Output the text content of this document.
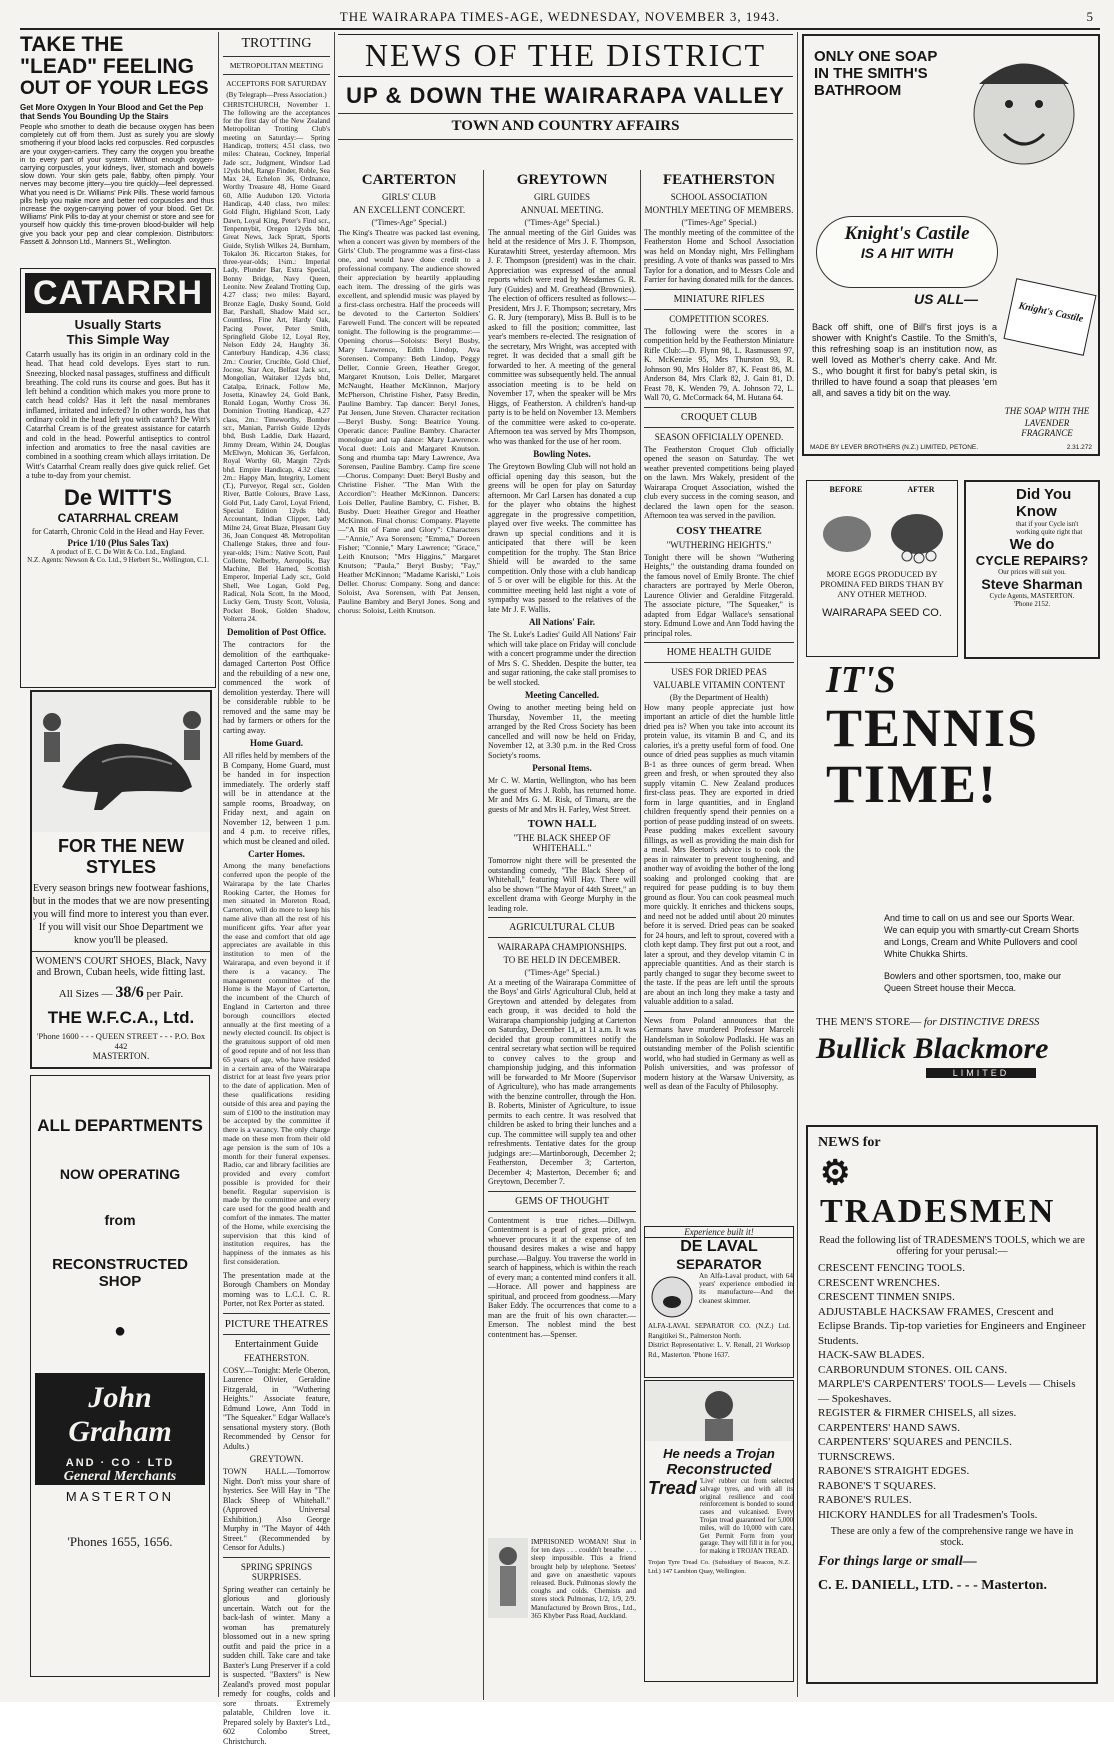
THE WAIRARAPA TIMES-AGE, WEDNESDAY, NOVEMBER 3, 1943.	5
TAKE THE
"LEAD" FEELING
OUT OF YOUR LEGS
Get More Oxygen In Your Blood and Get the Pep that Sends You Bounding Up the Stairs
People who smother to death die because oxygen has been completely cut off from them. Just as surely you are slowly smothering if your blood lacks red corpuscles. Red corpuscles are your oxygen-carriers. They carry the oxygen you breathe in to every part of your system. Without enough oxygen-carrying corpuscles, your kidneys, liver, stomach and bowels slow down. Your skin gets pale, flabby, often pimply. Your nerves may become jittery—you tire quickly—feel depressed. What you need is Dr. Williams' Pink Pills. These world famous pills help you make more and better red corpuscles and thus increase the oxygen-carrying power of your blood. Get Dr. Williams' Pink Pills to-day at your chemist or store and see for yourself how quickly this time-proven blood-builder will help give you back your pep and clear complexion. Distributors: Fassett & Johnson Ltd., Manners St., Wellington.
CATARRH
Usually Starts
This Simple Way
Catarrh usually has its origin in an ordinary cold in the head. That head cold develops. Eyes start to run. Sneezing, blocked nasal passages, stuffiness and difficult breathing. The cold runs its course and goes. But has it left behind a condition which makes you more prone to catch head colds? Has it left the nasal membranes inflamed, irritated and infected? In other words, has that ordinary cold in the head left you with catarrh? De Witt's Catarrhal Cream is of the greatest assistance for catarrh and cold in the head. Powerful antiseptics to control infection and aromatics to free the nasal cavities are combined in a soothing cream which allays irritation. De Witt's Catarrhal Cream really does give quick relief. Get a tube to-day from your chemist.
De WITT'S
CATARRHAL CREAM
for Catarrh, Chronic Cold in the Head and Hay Fever.
Price 1/10 (Plus Sales Tax)
A product of E. C. De Witt & Co. Ltd., England.
N.Z. Agents: Newson & Co. Ltd., 9 Herbert St., Wellington, C.1.
FOR THE NEW STYLES
Every season brings new footwear fashions,
but in the modes that we are now presenting
you will find more to interest you than ever.
If you will visit our Shoe Department we
know you'll be pleased.
WOMEN'S COURT SHOES, Black, Navy
and Brown, Cuban heels, wide fitting last.
All Sizes — 38/6 per Pair.
THE W.F.C.A., Ltd.
'Phone 1600 - - - QUEEN STREET - - - P.O. Box 442
MASTERTON.
ALL DEPARTMENTS
NOW OPERATING
from
RECONSTRUCTED SHOP
●
John Graham
AND · CO · LTD
General Merchants
MASTERTON
'Phones 1655, 1656.
TROTTING
METROPOLITAN MEETING
ACCEPTORS FOR SATURDAY
(By Telegraph—Press Association.)
CHRISTCHURCH, November 1. The following are the acceptances for the first day of the New Zealand Metropolitan Trotting Club's meeting on Saturday:— Spring Handicap, trotters; 4.51 class, two miles: Chateau, Cockney, Imperial Jade scr., Judgment, Windsor Lad 12yds bhd, Range Finder, Roble, Sea Max 24, Echelon 36, Ordnance, Worthy Treasure 48, Home Guard 60, Allie Audubon 120. Victoria Handicap, 4.40 class, two miles: Gold Flight, Highland Scott, Lady Dawn, Loyal King, Peter's Find scr., Tenpennybit, Oregon 12yds bhd, Great News, Jack Spratt, Sports Guide, Stylish Wilkes 24, Burnham, Tokalon 36. Riccarton Stakes, for three-year-olds; 1¼m.: Imperial Lady, Plunder Bar, Extra Special, Bonny Bridge, Navy Queen, Leonite. New Zealand Trotting Cup, 4.27 class; two miles: Bayard, Bronze Eagle, Dusky Sound, Gold Bar, Parshall, Shadow Maid scr., Countless, Fine Art, Hardy Oak, Pacing Power, Peter Smith, Springfield Globe 12, Loyal Rey, Nelson Eddy 24, Haughty 36. Canterbury Handicap, 4.36 class; 2m.: Courier, Crucible, Gold Chief, Jocose, Star Ace, Belfast Jack scr., Mongolian, Waitaker 12yds bhd, Catalpa, Erinack, Follow Me, Josetta, Kinawley 24, Gold Bank, Ronald Logan, Worthy Cross 36. Dominion Trotting Handicap, 4.27 class, 2m.: Timeworthy, Bomber scr., Manian, Parrish Guide 12yds bhd, Bush Laddie, Dark Hazard, Jimmy Dream, Within 24, Douglas McElwyn, Mohican 36, Gerfalcon, Royal Worthy 60, Margin 72yds bhd. Empire Handicap, 4.32 class; 2m.: Happy Man, Integrity, Loment (T.), Purveyor, Regal scr., Golden River, Battle Colours, Brave Lass, Gold Put, Lady Carol, Loyal Friend, Special Edition 12yds bhd, Accountant, Indian Clipper, Lady Milne 24, Great Blaze, Pleasant Guy 36, Joan Conquest 48. Metropolitan Challenge Stakes, three and four-year-olds; 1¼m.: Native Scott, Paul Collette, Nelberby, Aeropolis, Bay Machine, Bel Harned, Scottish Emperor, Imperial Lady scr., Gold Shell, Wee Logan, Gold Peg, Radical, Nola Scott, In the Mood, Lucky Gem, Trusty Scott, Volusia, Pocket Book, Golden Shadow, Volterra 24.
Demolition of Post Office.
The contractors for the demolition of the earthquake-damaged Carterton Post Office and the rebuilding of a new one, commenced the work of demolition yesterday. There will be considerable rubble to be removed and the same may be had by farmers or others for the carting away.
Home Guard.
All rifles held by members of the B Company, Home Guard, must be handed in for inspection immediately. The orderly staff will be in attendance at the sample rooms, Broadway, on Friday next, and again on November 12, between 1 p.m. and 4 p.m. to receive rifles, which must be cleaned and oiled.
Carter Homes.
Among the many benefactions conferred upon the people of the Wairarapa by the late Charles Rooking Carter, the Homes for men situated in Moreton Road, Carterton, will do more to keep his name alive than all the rest of his munificent gifts. Year after year the ease and comfort that old age appreciates are available in this institution to men of the Wairarapa, and even beyond it if there is a vacancy. The management committee of the Home is the Mayor of Carterton, the incumbent of the Church of England in Carterton and three borough councillors elected annually at the first meeting of a newly elected council. Its object is the gratuitous support of old men of good repute and of not less than 65 years of age, who have resided in a certain area of the Wairarapa district for at least five years prior to the date of application. Men of these qualifications residing outside of this area and paying the sum of £100 to the institution may be accepted by the committee if there is a vacancy. The only charge made on these men from their old age pension is the sum of 10s a month for their funeral expenses. Radio, car and library facilities are provided and every comfort possible is provided for their benefit. Regular supervision is made by the committee and every care used for the good health and comfort of the inmates. The matter of the Home, while exercising the supervision that this kind of institution requires, has the happiness of the inmates as his first consideration.
The presentation made at the Borough Chambers on Monday morning was to L.C.I. C. R. Porter, not Rex Porter as stated.
PICTURE THEATRES
Entertainment Guide
FEATHERSTON.
COSY.—Tonight: Merle Oberon, Laurence Olivier, Geraldine Fitzgerald, in "Wuthering Heights." Associate feature, Edmund Lowe, Ann Todd in "The Squeaker." Edgar Wallace's sensational mystery story. (Both Recommended by Censor for Adults.)
GREYTOWN.
TOWN HALL.—Tomorrow Night. Don't miss your share of hysterics. See Will Hay in "The Black Sheep of Whitehall." (Approved Universal Exhibition.) Also George Murphy in "The Mayor of 44th Street." (Recommended by Censor for Adults.)
SPRING SPRINGS SURPRISES.
Spring weather can certainly be glorious and gloriously uncertain. Watch out for the back-lash of winter. Many a woman has prematurely blossomed out in a new spring outfit and paid the price in a sudden chill. Take care and take Baxter's Lung Preserver if a cold is suspected. "Baxters" is New Zealand's proved most popular remedy for coughs, colds and sore throats. Extremely palatable, Children love it. Prepared solely by Baxter's Ltd., 602 Colombo Street, Christchurch.
NEWS OF THE DISTRICT
UP & DOWN THE WAIRARAPA VALLEY
TOWN AND COUNTRY AFFAIRS
CARTERTON
GIRLS' CLUB
AN EXCELLENT CONCERT.
("Times-Age" Special.)
The King's Theatre was packed last evening, when a concert was given by members of the Girls' Club. The programme was a first-class one, and would have done credit to a professional company. The audience showed their appreciation by heartily applauding each item. The dressing of the girls was excellent, and splendid music was played by a first-class orchestra. Half the proceeds will be devoted to the Carterton Soldiers' Farewell Fund. The concert will be repeated tonight. The following is the programme:— Opening chorus—Soloists: Beryl Busby, Mary Lawrence, Edith Lindop, Ava Sorensen. Company: Beth Lindop, Peggy Deller, Connie Green, Heather Gregor, Margaret Knutson, Lois Deller, Margaret McNaught, Heather McKinnon, Marjory McPherson, Christine Fisher, Patsy Bredin, Pauline Bambry. Tap dancer: Beryl Jones, Pat Jensen, June Steven. Character recitation—Beryl Busby. Song: Beatrice Young. Operatic dance: Pauline Bambry. Character monologue and tap dance: Mary Lawrence. Vocal duet: Lois and Margaret Knutson. Song and rhumba tap: Mary Lawrence, Ava Sorensen, Pauline Bambry. Camp fire scene—Chorus. Company: Duet: Beryl Busby and Christine Fisher. "The Man With the Accordion": Heather McKinnon. Dancers: Lois Deller, Pauline Bambry, C. Fisher, B. Busby. Duet: Heather Gregor and Heather McKinnon. Final chorus: Company. Playette—"A Bit of Fame and Glory": Characters—"Annie," Ava Sorensen; "Emma," Doreen Fisher; "Connie," Mary Lawrence; "Grace," Leith Knutson; "Mrs Higgins," Margaret Knutson; "Paula," Beryl Busby; "Fay," Heather McKinnon; "Madame Kariski," Lois Deller. Chorus: Company. Song and dance: Soloist, Ava Sorensen, with Pat Jensen, Pauline Bambry and Beryl Jones. Song and chorus: Soloist, Leith Knutson.
GREYTOWN
GIRL GUIDES
ANNUAL MEETING.
("Times-Age" Special.)
The annual meeting of the Girl Guides was held at the residence of Mrs J. F. Thompson, Kuratawhiti Street, yesterday afternoon. Mrs J. F. Thompson (president) was in the chair. Appreciation was expressed of the annual reports which were read by Mesdames G. R. Jury (Guides) and M. Greathead (Brownies). The election of officers resulted as follows:—President, Mrs J. F. Thompson; secretary, Mrs G. R. Jury (temporary), Miss B. Bull is to be asked to fill the position; committee, last year's members re-elected. The resignation of the secretary, Mrs Wright, was accepted with regret. It was decided that a small gift be forwarded to her. A meeting of the general committee was subsequently held. The annual association meeting is to be held on November 17, when the speaker will be Mrs Higgs, of Featherston. A children's hand-up party is to be held on November 13. Members of the committee were asked to co-operate. Afternoon tea was served by Mrs Thompson, who was thanked for the use of her room.
Bowling Notes.
The Greytown Bowling Club will not hold an official opening day this season, but the greens will be open for play on Saturday afternoon. Mr Carl Larsen has donated a cup for the player who obtains the highest aggregate in the progressive competition, played over five weeks. The committee has drawn up special conditions and it is anticipated that there will be keen competition for the trophy. The Stan Brice Shield will be awarded to the same competition. Only those with a club handicap of 5 or over will be eligible for this. At the committee meeting held last night a vote of sympathy was passed to the relatives of the late Mr J. F. Wallis.
All Nations' Fair.
The St. Luke's Ladies' Guild All Nations' Fair which will take place on Friday will conclude with a concert programme under the direction of Mrs S. C. Shedden. Despite the butter, tea and sugar rationing, the cake stall promises to be well stocked.
Meeting Cancelled.
Owing to another meeting being held on Thursday, November 11, the meeting arranged by the Red Cross Society has been cancelled and will now be held on Friday, November 12, at 3.30 p.m. in the Red Cross Society's rooms.
Personal Items.
Mr C. W. Martin, Wellington, who has been the guest of Mrs J. Robb, has returned home. Mr and Mrs G. M. Risk, of Timaru, are the guests of Mr and Mrs H. Farley, West Street.
TOWN HALL
"THE BLACK SHEEP OF WHITEHALL."
Tomorrow night there will be presented the outstanding comedy, "The Black Sheep of Whitehall," featuring Will Hay. There will also be shown "The Mayor of 44th Street," an excellent drama with George Murphy in the leading role.
AGRICULTURAL CLUB
WAIRARAPA CHAMPIONSHIPS.
TO BE HELD IN DECEMBER.
("Times-Age" Special.)
At a meeting of the Wairarapa Committee of the Boys' and Girls' Agricultural Club, held at Greytown and attended by delegates from each group, it was decided to hold the Wairarapa championship judging at Carterton on Saturday, December 11, at 11 a.m. It was decided that group committees notify the central secretary what section will be required to convey calves to the group and championship judging, and this information will be forwarded to Mr Moore (Supervisor of Agriculture), who has made arrangements with the benzine controller, through the Hon. B. Roberts, Minister of Agriculture, to issue permits to each centre. It was resolved that children be asked to bring their lunches and a cup. The committee will supply tea and other refreshments. Tentative dates for the group judgings are:—Martinborough, December 2; Featherston, December 3; Carterton, December 4; Masterton, December 6; and Greytown, December 7.
GEMS OF THOUGHT
Contentment is true riches.—Dillwyn. Contentment is a pearl of great price, and whoever procures it at the expense of ten thousand desires makes a wise and happy purchase.—Balguy. You traverse the world in search of happiness, which is within the reach of every man; a contented mind confers it all.—Horace. All power and happiness are spiritual, and proceed from goodness.—Mary Baker Eddy. The occurrences that come to a man are the fruit of his own character.—Emerson. The noblest mind the best contentment has.—Spenser.
FEATHERSTON
SCHOOL ASSOCIATION
MONTHLY MEETING OF MEMBERS.
("Times-Age" Special.)
The monthly meeting of the committee of the Featherston Home and School Association was held on Monday night, Mrs Fellingham presiding. A vote of thanks was passed to Mrs Taylor for a donation, and to Messrs Cole and Farrier for having donated milk for the dances.
MINIATURE RIFLES
COMPETITION SCORES.
The following were the scores in a competition held by the Featherston Miniature Rifle Club:—D. Flynn 98, L. Rasmussen 97, K. McKenzie 95, Mrs Thurston 93, R. Johnson 90, Mrs Holder 87, K. Feast 86, M. Anderson 84, Mrs Clark 82, J. Gain 81, D. Feast 78, K. Wenden 79, A. Johnson 72, L. Wall 70, G. McCormack 64, M. Hutana 64.
CROQUET CLUB
SEASON OFFICIALLY OPENED.
The Featherston Croquet Club officially opened the season on Saturday. The wet weather prevented competitions being played on the lawn. Mrs Wakely, president of the Wairarapa Croquet Association, wished the club every success in the coming season, and declared the lawn open for the season. Afternoon tea was served in the pavilion.
COSY THEATRE
"WUTHERING HEIGHTS."
Tonight there will be shown "Wuthering Heights," the outstanding drama founded on the famous novel of Emily Bronte. The chief characters are portrayed by Merle Oberon, Laurence Olivier and Geraldine Fitzgerald. The associate picture, "The Squeaker," is adapted from Edgar Wallace's sensational story. Edmund Lowe and Ann Todd having the principal roles.
HOME HEALTH GUIDE
USES FOR DRIED PEAS
VALUABLE VITAMIN CONTENT
(By the Department of Health)
How many people appreciate just how important an article of diet the humble little dried pea is? When you take into account its protein value, its vitamin B and C, and its calories, it's a pretty useful form of food. One ounce of dried peas supplies as much vitamin B-1 as three ounces of germ bread. When green and fresh, or when sprouted they also supply vitamin C. New Zealand produces first-class peas. They are exported in dried form in large quantities, and in England children frequently spend their pennies on a portion of pease pudding instead of on sweets. Pease pudding makes excellent savoury fillings, as well as providing the main dish for a meal. Mrs Beeton's advice is to cook the peas in rainwater to prevent toughening, and another way of avoiding the bother of the long soaking and prolonged cooking that are required for pease pudding is to buy them ground as flour. You can cook peasmeal much more quickly. It enriches and thickens soups, and need not be added until about 20 minutes before it is served. Dried peas can be soaked for 24 hours, and left to sprout, covered with a cloth kept damp. They first put out a root, and later a sprout, and they develop vitamin C in appreciable quantities. And as their starch is partly changed to sugar they become sweet to the taste. If the peas are left until the sprouts are about an inch long they make a tasty and valuable addition to a salad.
News from Poland announces that the Germans have murdered Professor Marceli Handelsman in Sokolow Podlaski. He was an outstanding member of the Polish scientific world, who had studied in Germany as well as Polish universities, and was professor of modern history at the Warsaw University, as well as dean of the Faculty of Philosophy.
Experience built it!
DE LAVAL
SEPARATOR
An Alfa-Laval product, with 64 years' experience embodied in its manufacture—And the cleanest skimmer.
ALFA-LAVAL SEPARATOR CO. (N.Z.) Ltd. Rangitikei St., Palmerston North.
District Representative: L. V. Renall, 21 Worksop Rd., Masterton. 'Phone 1637.
He needs a Trojan
Reconstructed
Tread 'Live' rubber cut from selected salvage tyres, and with all its original resilience and cool reinforcement is bonded to sound cases and vulcanised. Every Trojan tread guaranteed for 5,000 miles, will do 10,000 with care. Get Permit Form from your garage. They will fill it in for you, for making it TROJAN TREAD.
Trojan Tyre Tread Co. (Subsidiary of Beacon, N.Z. Ltd.) 147 Lambton Quay, Wellington.
IMPRISONED WOMAN! Shut in for ten days . . . couldn't breathe . . . sleep impossible. This a friend brought help by telephone. 'Seetees' and gave on anaesthetic vapours released. Buck. Pulmonas slowly the coughs and colds. Chemists and stores stock Pulmonas, 1/2, 1/9, 2/9. Manufactured by Brown Bros., Ltd., 365 Khyber Pass Road, Auckland.
ONLY ONE SOAP
IN THE SMITH'S
BATHROOM
Knight's Castile
IS A HIT WITH
US ALL—
Knight's Castile
Back off shift, one of Bill's first joys is a shower with Knight's Castile. To the Smith's, this refreshing soap is an institution now, as well loved as Mother's cherry cake. And Mr. S., who bought it first for baby's petal skin, is thrilled to have found a soap that pleases 'em all, and saves a tidy bit on the way.
THE SOAP WITH THE
LAVENDER FRAGRANCE
MADE BY LEVER BROTHERS (N.Z.) LIMITED, PETONE.	2.31.272
BEFORE	AFTER
MORE EGGS PRODUCED BY PROMINA FED BIRDS THAN BY ANY OTHER METHOD.
WAIRARAPA SEED CO.
Did You
Know
that if your Cycle isn't working quite right that
We do
CYCLE REPAIRS?
Our prices will suit you.
Steve Sharman
Cycle Agents, MASTERTON.
'Phone 2152.
IT'S
TENNIS
TIME!
And time to call on us and see our Sports Wear. We can equip you with smartly-cut Cream Shorts and Longs, Cream and White Pullovers and cool White Chukka Shirts.
Bowlers and other sportsmen, too, make our Queen Street house their Mecca.
THE MEN'S STORE— for DISTINCTIVE DRESS
Bullick Blackmore
LIMITED
NEWS for
⚙ TRADESMEN
Read the following list of TRADESMEN'S TOOLS, which we are offering for your perusal:—
CRESCENT FENCING TOOLS.
CRESCENT WRENCHES.
CRESCENT TINMEN SNIPS.
ADJUSTABLE HACKSAW FRAMES, Crescent and Eclipse Brands. Tip-top varieties for Engineers and Engineer Students.
HACK-SAW BLADES.
CARBORUNDUM STONES. OIL CANS.
MARPLE'S CARPENTERS' TOOLS— Levels — Chisels — Spokeshaves.
REGISTER & FIRMER CHISELS, all sizes.
CARPENTERS' HAND SAWS.
CARPENTERS' SQUARES and PENCILS.
TURNSCREWS.
RABONE'S STRAIGHT EDGES.
RABONE'S T SQUARES.
RABONE'S RULES.
HICKORY HANDLES for all Tradesmen's Tools.
These are only a few of the comprehensive range we have in stock.
For things large or small—
C. E. DANIELL, LTD. - - - Masterton.
